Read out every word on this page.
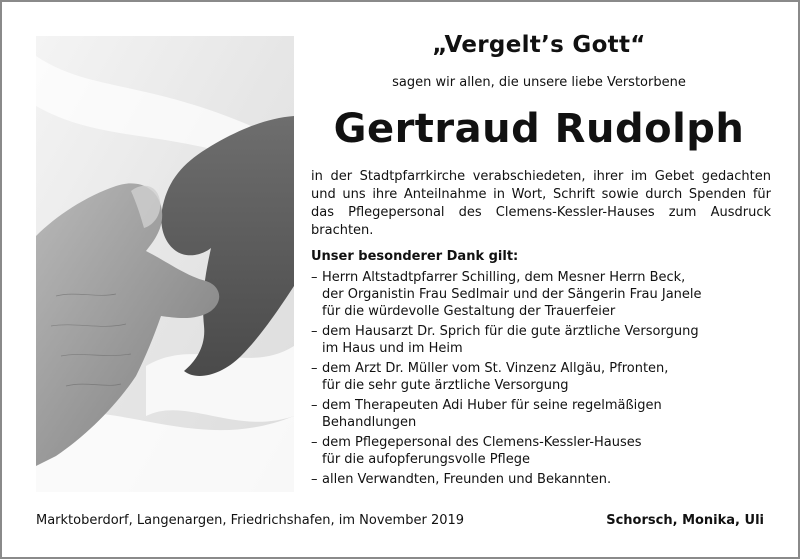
„Vergelt’s Gott“
sagen wir allen, die unsere liebe Verstorbene
Gertraud Rudolph
in der Stadtpfarrkirche verabschiedeten, ihrer im Gebet gedachten und uns ihre Anteilnahme in Wort, Schrift sowie durch Spenden für das Pflegepersonal des Clemens-Kessler-Hauses zum Ausdruck brachten.
Unser besonderer Dank gilt:
– Herrn Altstadtpfarrer Schilling, dem Mesner Herrn Beck,
der Organistin Frau Sedlmair und der Sängerin Frau Janele
für die würdevolle Gestaltung der Trauerfeier
– dem Hausarzt Dr. Sprich für die gute ärztliche Versorgung
im Haus und im Heim
– dem Arzt Dr. Müller vom St. Vinzenz Allgäu, Pfronten,
für die sehr gute ärztliche Versorgung
– dem Therapeuten Adi Huber für seine regelmäßigen
Behandlungen
– dem Pflegepersonal des Clemens-Kessler-Hauses
für die aufopferungsvolle Pflege
– allen Verwandten, Freunden und Bekannten.
Marktoberdorf, Langenargen, Friedrichshafen, im November 2019	Schorsch, Monika, Uli
